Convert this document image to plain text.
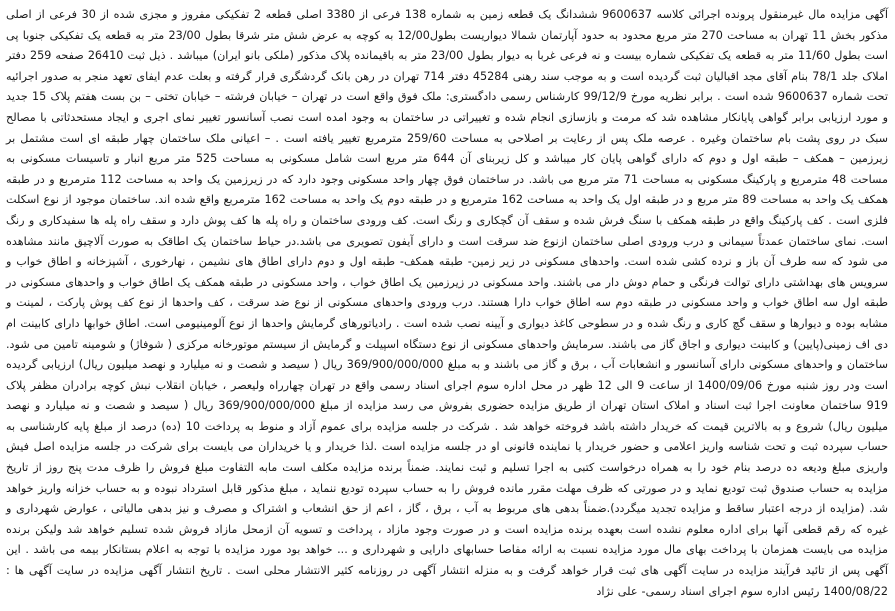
آگهی مزایده مال غیرمنقول پرونده اجرائی کلاسه 9600637 ششدانگ یک قطعه زمین به شماره 138 فرعی از 3380 اصلی قطعه 2 تفکیکی مفروز و مجزی شده از 30 فرعی از اصلی مذکور بخش 11 تهران به مساحت 270 متر مربع محدود به حدود آپارتمان شمالا دیواریست بطول12/00 به کوچه به عرض شش متر شرقا بطول 23/00 متر به قطعه یک تفکیکی جنوبا پی است بطول 11/60 متر به قطعه یک تفکیکی شماره بیست و نه فرعی غربا به دیوار بطول 23/00 متر به باقیمانده پلاک مذکور (ملکی بانو ایران) میباشد . ذیل ثبت 26410 صفحه 259 دفتر املاک جلد 78/1 بنام آقای مجد اقبالیان ثبت گردیده است و به موجب سند رهنی 45284 دفتر 714 تهران در رهن بانک گردشگری قرار گرفته و بعلت عدم ایفای تعهد منجر به صدور اجرائیه تحت شماره 9600637 شده است . برابر نظریه مورخ 99/12/9 کارشناس رسمی دادگستری: ملک فوق واقع است در تهران – خیابان فرشته – خیابان تختی – بن بست هفتم پلاک 15 جدید و مورد ارزیابی برابر گواهی پایانکار مشاهده شد که مرمت و بازسازی انجام شده و تغییراتی در ساختمان به وجود امده است نصب آسانسور تغییر نمای اجری و ایجاد مستحدثاتی با مصالح سبک در روی پشت بام ساختمان وغیره . عرصه ملک پس از رعایت بر اصلاحی به مساحت 259/60 مترمربع تغییر یافته است . – اعیانی ملک ساختمان چهار طبقه ای است مشتمل بر زیرزمین – همکف – طبقه اول و دوم که دارای گواهی پایان کار میباشد و کل زیربنای آن 644 متر مربع است شامل مسکونی به مساحت 525 متر مربع انبار و تاسیسات مسکونی به مساحت 48 مترمربع و پارکینگ مسکونی به مساحت 71 متر مربع می باشد. در ساختمان فوق چهار واحد مسکونی وجود دارد که در زیرزمین یک واحد به مساحت 112 مترمربع و در طبقه همکف یک واحد به مساحت 89 متر مربع و در طبقه اول یک واحد به مساحت 162 مترمربع و در طبقه دوم یک واحد به مساحت 162 مترمربع واقع شده اند. ساختمان موجود از نوع اسکلت فلزی است . کف پارکینگ واقع در طبقه همکف با سنگ فرش شده و سقف آن گچکاری و رنگ است. کف ورودی ساختمان و راه پله ها کف پوش دارد و سقف راه پله ها سفیدکاری و رنگ است. نمای ساختمان عمدتاً سیمانی و درب ورودی اصلی ساختمان ازنوع ضد سرقت است و دارای آیفون تصویری می باشد.در حیاط ساختمان یک اطاقک به صورت آلاچیق مانند مشاهده می شود که سه طرف آن باز و نرده کشی شده است. واحدهای مسکونی در زیر زمین- طبقه همکف- طبقه اول و دوم دارای اطاق های نشیمن ، نهارخوری ، آشپزخانه و اطاق خواب و سرویس های بهداشتی دارای توالت فرنگی و حمام دوش دار می باشند. واحد مسکونی در زیرزمین یک اطاق خواب ، واحد مسکونی در طبقه همکف یک اطاق خواب و واحدهای مسکونی در طبقه اول سه اطاق خواب و واحد مسکونی در طبقه دوم سه اطاق خواب دارا هستند. درب ورودی واحدهای مسکونی از نوع ضد سرقت ، کف واحدها از نوع کف پوش پارکت ، لمینت و مشابه بوده و دیوارها و سقف گچ کاری و رنگ شده و در سطوحی کاغذ دیواری و آیینه نصب شده است . رادیاتورهای گرمایش واحدها از نوع آلومینیومی است. اطاق خوابها دارای کابینت ام دی اف زمینی(پایین) و کابینت دیواری و اجاق گاز می باشند. سرمایش واحدهای مسکونی از نوع دستگاه اسپیلت و گرمایش از سیستم موتورخانه مرکزی ( شوفاژ) و شومینه تامین می شود. ساختمان و واحدهای مسکونی دارای آسانسور و انشعابات آب ، برق و گاز می باشند و به مبلغ 369/900/000/000 ریال ( سیصد و شصت و نه میلیارد و نهصد میلیون ریال) ارزیابی گردیده است ودر روز شنبه مورخ 1400/09/06 از ساعت 9 الی 12 ظهر در محل اداره سوم اجرای اسناد رسمی واقع در تهران چهارراه ولیعصر ، خیابان انقلاب نبش کوچه برادران مظفر پلاک 919 ساختمان معاونت اجرا ثبت اسناد و املاک استان تهران از طریق مزایده حضوری بفروش می رسد مزایده از مبلغ 369/900/000/000 ریال ( سیصد و شصت و نه میلیارد و نهصد میلیون ریال) شروع و به بالاترین قیمت که خریدار داشته باشد فروخته خواهد شد . شرکت در جلسه مزایده برای عموم آزاد و منوط به پرداخت 10 (ده) درصد از مبلغ پایه کارشناسی به حساب سپرده ثبت و تحت شناسه واریز اعلامی و حضور خریدار یا نماینده قانونی او در جلسه مزایده است .لذا خریدار و یا خریداران می بایست برای شرکت در جلسه مزایده اصل فیش واریزی مبلغ ودیعه ده درصد بنام خود را به همراه درخواست کتبی به اجرا تسلیم و ثبت نمایند. ضمناً برنده مزایده مکلف است مابه التفاوت مبلغ فروش را ظرف مدت پنج روز از تاریخ مزایده به حساب صندوق ثبت تودیع نماید و در صورتی که ظرف مهلت مقرر مانده فروش را به حساب سپرده تودیع ننماید ، مبلغ مذکور قابل استرداد نبوده و به حساب خزانه واریز خواهد شد. (مزایده از درجه اعتبار ساقط و مزایده تجدید میگردد).ضمناً بدهی های مربوط به آب ، برق ، گاز ، اعم از حق انشعاب و اشتراک و مصرف و نیز بدهی مالیاتی ، عوارض شهرداری و غیره که رقم قطعی آنها برای اداره معلوم نشده است بعهده برنده مزایده است و در صورت وجود مازاد ، پرداخت و تسویه آن ازمحل مازاد فروش شده تسلیم خواهد شد ولیکن برنده مزایده می بایست همزمان با پرداخت بهای مال مورد مزایده نسبت به ارائه مفاصا حسابهای دارایی و شهرداری و ... خواهد بود مورد مزایده با توجه به اعلام بستانکار بیمه می باشد . این آگهی پس از تائید فرآیند مزایده در سایت آگهی های ثبت قرار خواهد گرفت و به منزله انتشار آگهی در روزنامه کثیر الانتشار محلی است . تاریخ انتشار آگهی مزایده در سایت آگهی ها : 1400/08/22 رئیس اداره سوم اجرای اسناد رسمی- علی نژاد
